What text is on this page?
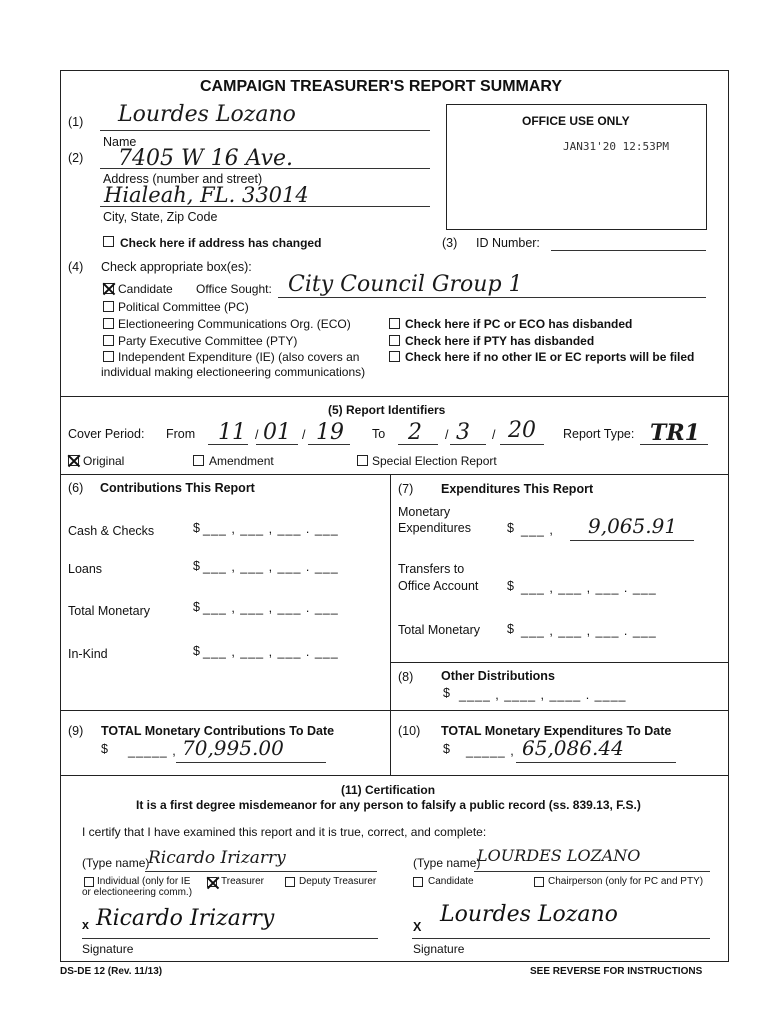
CAMPAIGN TREASURER'S REPORT SUMMARY
(1) Lourdes Lozano
Name
(2) 7405 W 16 Ave.
Address (number and street)
Hialeah, FL. 33014
City, State, Zip Code
Check here if address has changed
OFFICE USE ONLY
JAN31'20 12:53PM
(3) ID Number:
(4) Check appropriate box(es):
Candidate Office Sought: City Council Group 1
Political Committee (PC)
Electioneering Communications Org. (ECO)
Party Executive Committee (PTY)
Independent Expenditure (IE) (also covers an
individual making electioneering communications)
Check here if PC or ECO has disbanded
Check here if PTY has disbanded
Check here if no other IE or EC reports will be filed
(5) Report Identifiers
Cover Period: From 11 / 01 / 19 To 2 / 3 / 20 Report Type: TR1
Original	Amendment	Special Election Report
(6) Contributions This Report
Cash & Checks	$ ___ , ___ , ___ . ___
Loans	$ ___ , ___ , ___ . ___
Total Monetary	$ ___ , ___ , ___ . ___
In-Kind	$ ___ , ___ , ___ . ___
(7) Expenditures This Report
Monetary
Expenditures	$ ___ , 9,065.91
Transfers to
Office Account $ ___ , ___ , ___ . ___
Total Monetary $ ___ , ___ , ___ . ___
(8) Other Distributions
$ ____ , ____ , ____ . ____
(9) TOTAL Monetary Contributions To Date
$ _____ , 70,995.00
(10) TOTAL Monetary Expenditures To Date
$ _____ , 65,086.44
(11) Certification
It is a first degree misdemeanor for any person to falsify a public record (ss. 839.13, F.S.)
I certify that I have examined this report and it is true, correct, and complete:
(Type name)
Ricardo Irizarry
Individual (only for IE
or electioneering comm.)
Treasurer	Deputy Treasurer
x Ricardo Irizarry
Signature
(Type name)
LOURDES LOZANO
Candidate	Chairperson (only for PC and PTY)
X Lourdes Lozano
Signature
DS-DE 12 (Rev. 11/13)	SEE REVERSE FOR INSTRUCTIONS
